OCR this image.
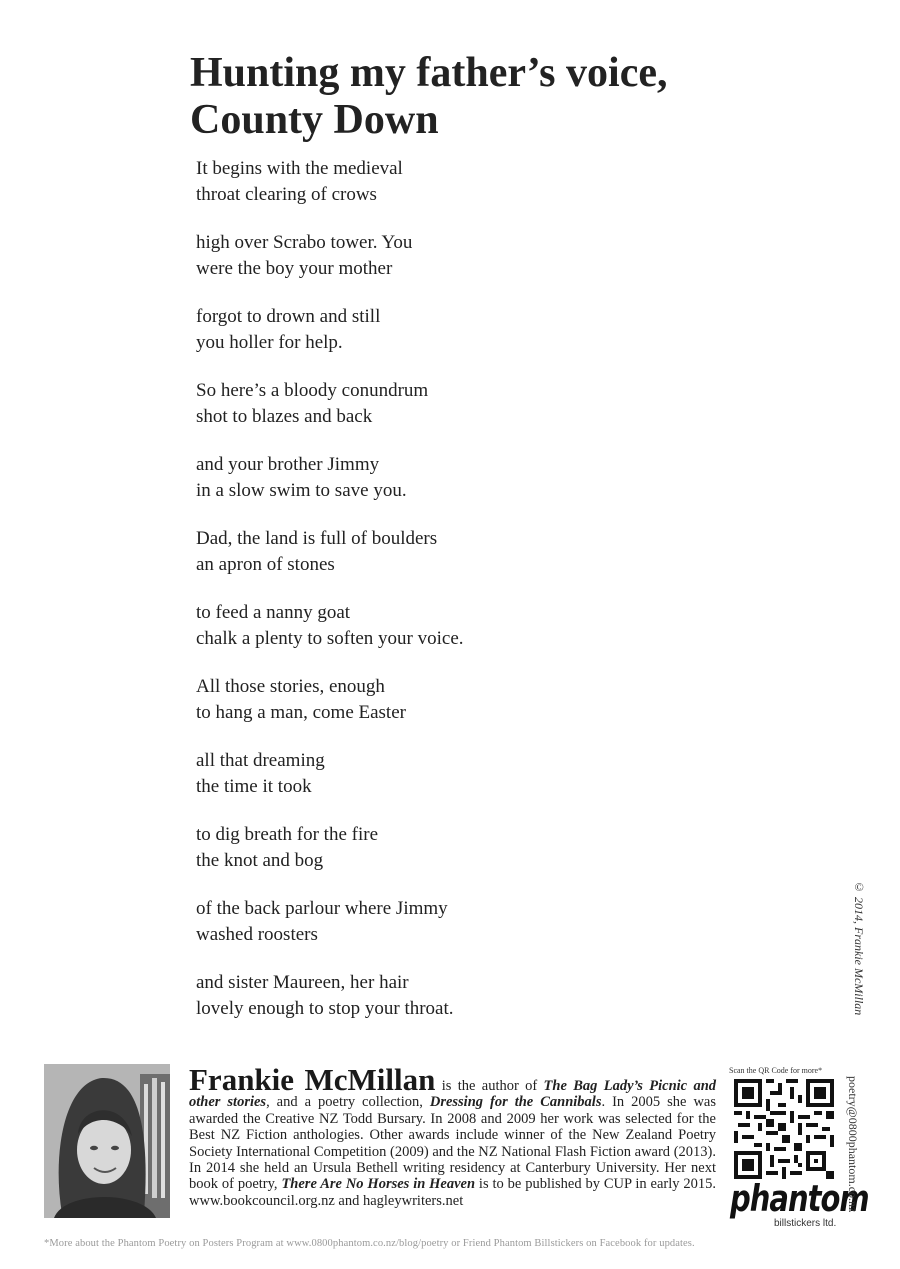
Hunting my father’s voice,
County Down

It begins with the medieval
throat clearing of crows

high over Scrabo tower. You
were the boy your mother

forgot to drown and still
you holler for help.

So here’s a bloody conundrum
shot to blazes and back

and your brother Jimmy
in a slow swim to save you.

Dad, the land is full of boulders
an apron of stones

to feed a nanny goat
chalk a plenty to soften your voice.

All those stories, enough
to hang a man, come Easter

all that dreaming
the time it took

to dig breath for the fire
the knot and bog

of the back parlour where Jimmy
washed roosters

and sister Maureen, her hair
lovely enough to stop your throat.	© 2014, Frankie McMillan
Frankie McMillan is the author of The Bag Lady’s Picnic and other stories, and a poetry collection, Dressing for the Cannibals. In 2005 she was awarded the Creative NZ Todd Bursary. In 2008 and 2009 her work was selected for the Best NZ Fiction anthologies. Other awards include winner of the New Zealand Poetry Society International Competition (2009) and the NZ National Flash Fiction award (2013). In 2014 she held an Ursula Bethell writing residency at Canterbury University. Her next book of poetry, There Are No Horses in Heaven is to be published by CUP in early 2015. www.bookcouncil.org.nz and hagleywriters.net
Scan the QR Code for more*
phantom
billstickers ltd.
poetry@0800phantom.co.nz
*More about the Phantom Poetry on Posters Program at www.0800phantom.co.nz/blog/poetry or Friend Phantom Billstickers on Facebook for updates.
